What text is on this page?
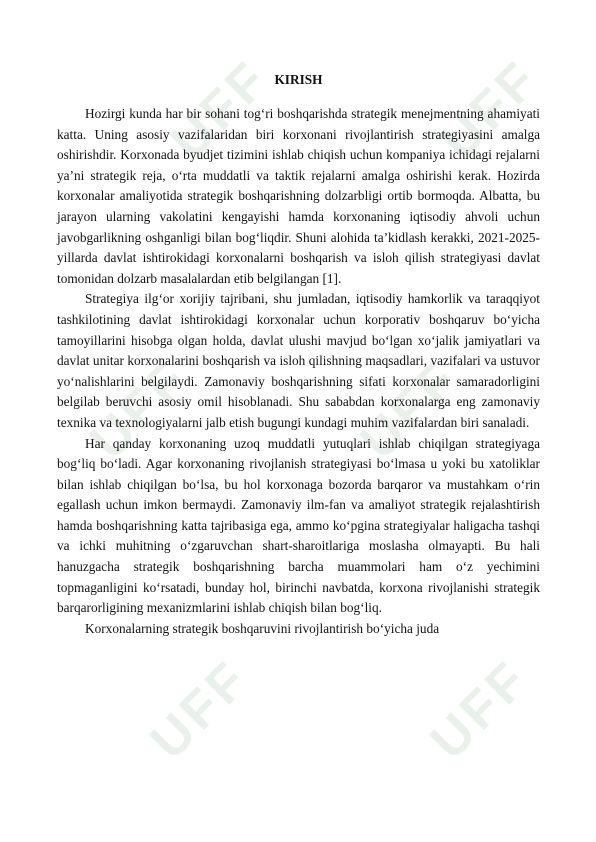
UFF	UFF
UFF	UFF
UFF	UFF
KIRISH

Hozirgi kunda har bir sohani tog‘ri boshqarishda strategik menejmentning ahamiyati katta. Uning asosiy vazifalaridan biri korxonani rivojlantirish strategiyasini amalga oshirishdir. Korxonada byudjet tizimini ishlab chiqish uchun kompaniya ichidagi rejalarni ya’ni strategik reja, o‘rta muddatli va taktik rejalarni amalga oshirishi kerak. Hozirda korxonalar amaliyotida strategik boshqarishning dolzarbligi ortib bormoqda. Albatta, bu jarayon ularning vakolatini kengayishi hamda korxonaning iqtisodiy ahvoli uchun javobgarlikning oshganligi bilan bog‘liqdir. Shuni alohida ta’kidlash kerakki, 2021-2025-yillarda davlat ishtirokidagi korxonalarni boshqarish va isloh qilish strategiyasi davlat tomonidan dolzarb masalalardan etib belgilangan [1].

Strategiya ilg‘or xorijiy tajribani, shu jumladan, iqtisodiy hamkorlik va taraqqiyot tashkilotining davlat ishtirokidagi korxonalar uchun korporativ boshqaruv bo‘yicha tamoyillarini hisobga olgan holda, davlat ulushi mavjud bo‘lgan xo‘jalik jamiyatlari va davlat unitar korxonalarini boshqarish va isloh qilishning maqsadlari, vazifalari va ustuvor yo‘nalishlarini belgilaydi. Zamonaviy boshqarishning sifati korxonalar samaradorligini belgilab beruvchi asosiy omil hisoblanadi. Shu sababdan korxonalarga eng zamonaviy texnika va texnologiyalarni jalb etish bugungi kundagi muhim vazifalardan biri sanaladi.

Har qanday korxonaning uzoq muddatli yutuqlari ishlab chiqilgan strategiyaga bog‘liq bo‘ladi. Agar korxonaning rivojlanish strategiyasi bo‘lmasa u yoki bu xatoliklar bilan ishlab chiqilgan bo‘lsa, bu hol korxonaga bozorda barqaror va mustahkam o‘rin egallash uchun imkon bermaydi. Zamonaviy ilm-fan va amaliyot strategik rejalashtirish hamda boshqarishning katta tajribasiga ega, ammo ko‘pgina strategiyalar haligacha tashqi va ichki muhitning o‘zgaruvchan shart-sharoitlariga moslasha olmayapti. Bu hali hanuzgacha strategik boshqarishning barcha muammolari ham o‘z yechimini topmaganligini ko‘rsatadi, bunday hol, birinchi navbatda, korxona rivojlanishi strategik barqarorligining mexanizmlarini ishlab chiqish bilan bog‘liq.

Korxonalarning strategik boshqaruvini rivojlantirish bo‘yicha juda
